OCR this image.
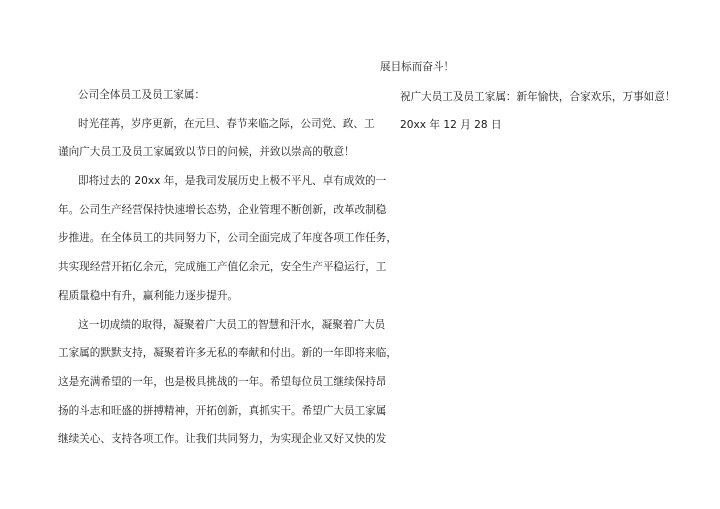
公司全体员工及员工家属：
时光荏苒，岁序更新，在元旦、春节来临之际，公司党、政、工
谨向广大员工及员工家属致以节日的问候，并致以崇高的敬意！
即将过去的 20xx 年，是我司发展历史上极不平凡、卓有成效的一
年。公司生产经营保持快速增长态势，企业管理不断创新，改革改制稳
步推进。在全体员工的共同努力下，公司全面完成了年度各项工作任务，
共实现经营开拓亿余元，完成施工产值亿余元，安全生产平稳运行，工
程质量稳中有升，赢利能力逐步提升。
这一切成绩的取得，凝聚着广大员工的智慧和汗水，凝聚着广大员
工家属的默默支持，凝聚着许多无私的奉献和付出。新的一年即将来临，
这是充满希望的一年，也是极具挑战的一年。希望每位员工继续保持昂
扬的斗志和旺盛的拼搏精神，开拓创新，真抓实干。希望广大员工家属
继续关心、支持各项工作。让我们共同努力，为实现企业又好又快的发
展目标而奋斗！
祝广大员工及员工家属：新年愉快，合家欢乐，万事如意！
20xx 年 12 月 28 日
